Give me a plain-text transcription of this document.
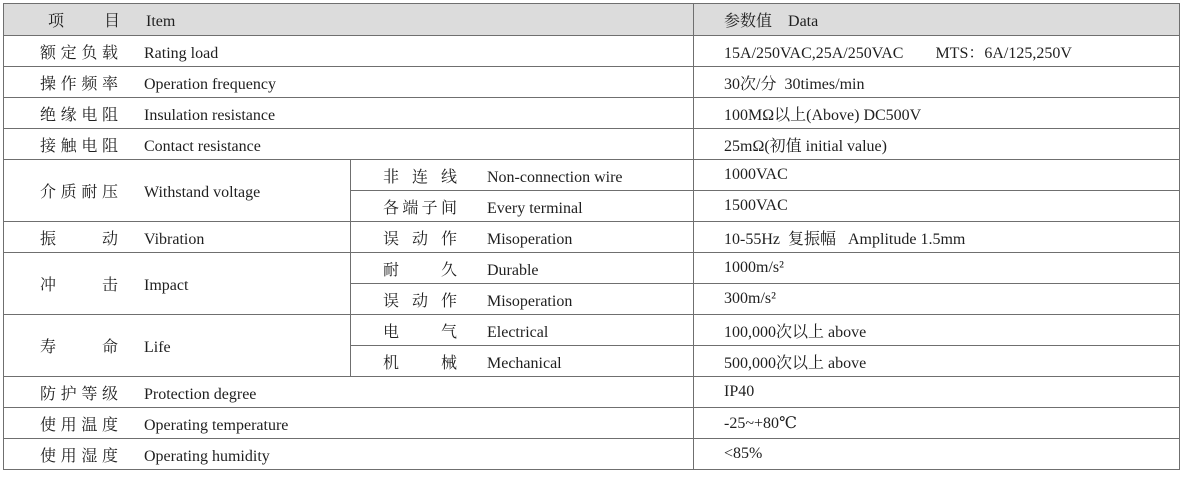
项 目 Item		参数值    Data
额定负载 Rating load		15A/250VAC,25A/250VAC        MTS：6A/125,250V
操作频率 Operation frequency		30次/分  30times/min
绝缘电阻 Insulation resistance		100MΩ以上(Above) DC500V
接触电阻 Contact resistance		25mΩ(初值 initial value)
介质耐压 Withstand voltage	非连线 Non-connection wire	1000VAC
	各端子间 Every terminal	1500VAC
振 动 Vibration	误动作 Misoperation	10-55Hz  复振幅   Amplitude 1.5mm
冲 击 Impact	耐 久 Durable	1000m/s²
	误动作 Misoperation	300m/s²
寿 命 Life	电 气 Electrical	100,000次以上 above
	机 械 Mechanical	500,000次以上 above
防护等级 Protection degree		IP40
使用温度 Operating temperature		-25~+80℃
使用湿度 Operating humidity		<85%
